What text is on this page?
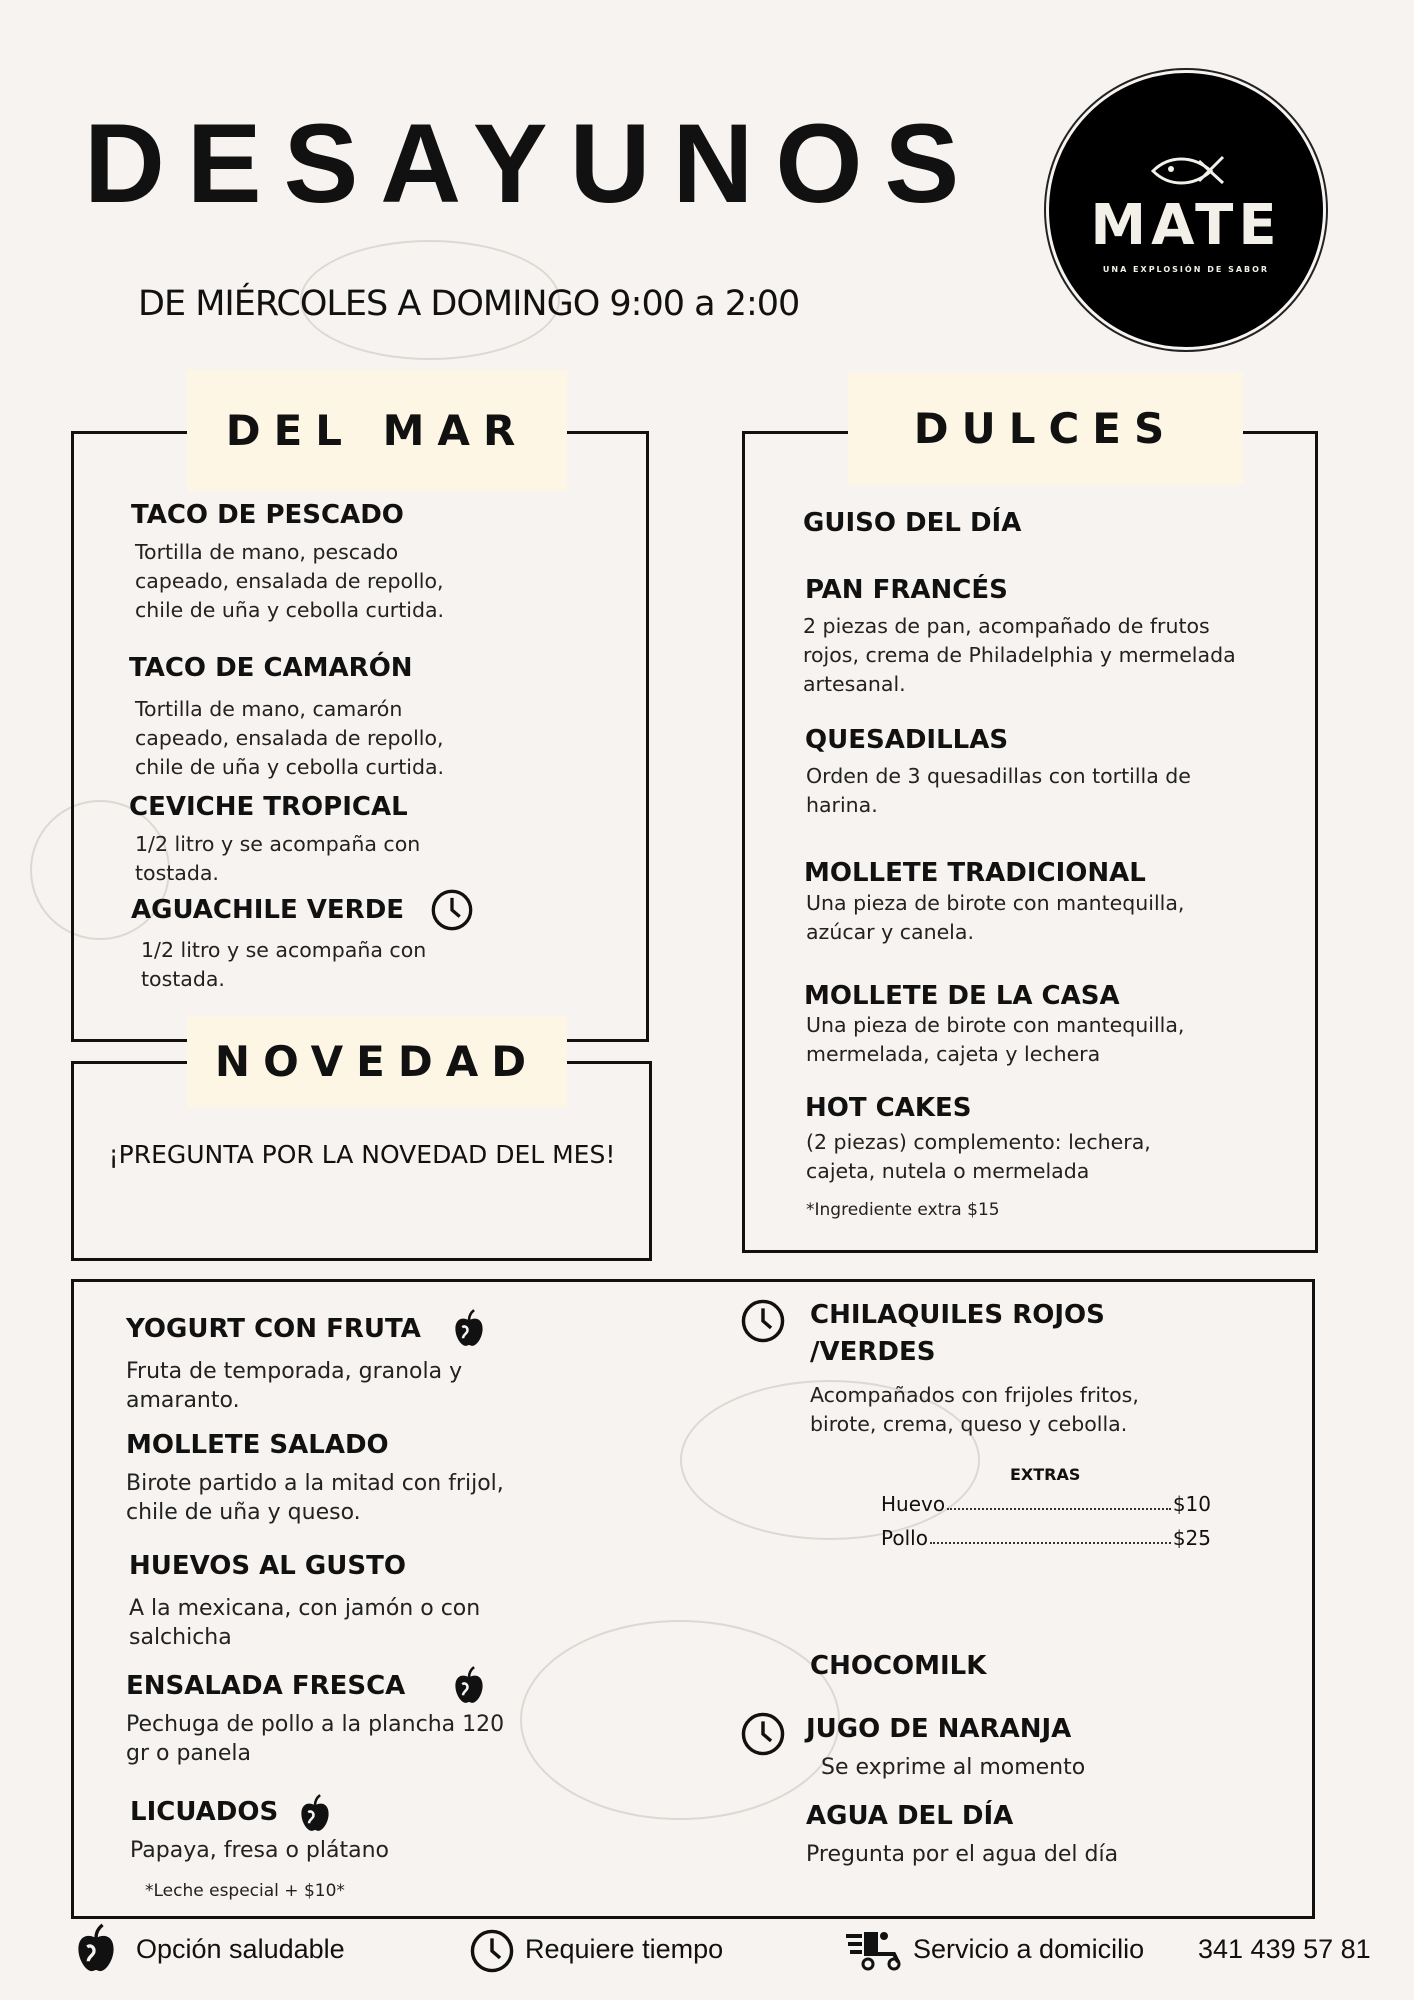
DESAYUNOS
DE MIÉRCOLES A DOMINGO 9:00 a 2:00
MATE
UNA EXPLOSIÓN DE SABOR
DEL MAR
TACO DE PESCADO
Tortilla de mano, pescado capeado, ensalada de repollo, chile de uña y cebolla curtida.
TACO DE CAMARÓN
Tortilla de mano, camarón capeado, ensalada de repollo, chile de uña y cebolla curtida.
CEVICHE TROPICAL
1/2 litro y se acompaña con tostada.
AGUACHILE VERDE
1/2 litro y se acompaña con tostada.
NOVEDAD
¡PREGUNTA POR LA NOVEDAD DEL MES!
DULCES
GUISO DEL DÍA
PAN FRANCÉS
2 piezas de pan, acompañado de frutos rojos, crema de Philadelphia y mermelada artesanal.
QUESADILLAS
Orden de 3 quesadillas con tortilla de harina.
MOLLETE TRADICIONAL
Una pieza de birote con mantequilla, azúcar y canela.
MOLLETE DE LA CASA
Una pieza de birote con mantequilla, mermelada, cajeta y lechera
HOT CAKES
(2 piezas) complemento: lechera, cajeta, nutela o mermelada
*Ingrediente extra $15
YOGURT CON FRUTA
Fruta de temporada, granola y amaranto.
MOLLETE SALADO
Birote partido a la mitad con frijol, chile de uña y queso.
HUEVOS AL GUSTO
A la mexicana, con jamón o con salchicha
ENSALADA FRESCA
Pechuga de pollo a la plancha 120 gr o panela
LICUADOS
Papaya, fresa o plátano
*Leche especial + $10*
CHILAQUILES ROJOS
/VERDES
Acompañados con frijoles fritos, birote, crema, queso y cebolla.
EXTRAS
Huevo	$10
Pollo	$25
CHOCOMILK
JUGO DE NARANJA
Se exprime al momento
AGUA DEL DÍA
Pregunta por el agua del día
Opción saludable	Requiere tiempo	Servicio a domicilio 341 439 57 81
